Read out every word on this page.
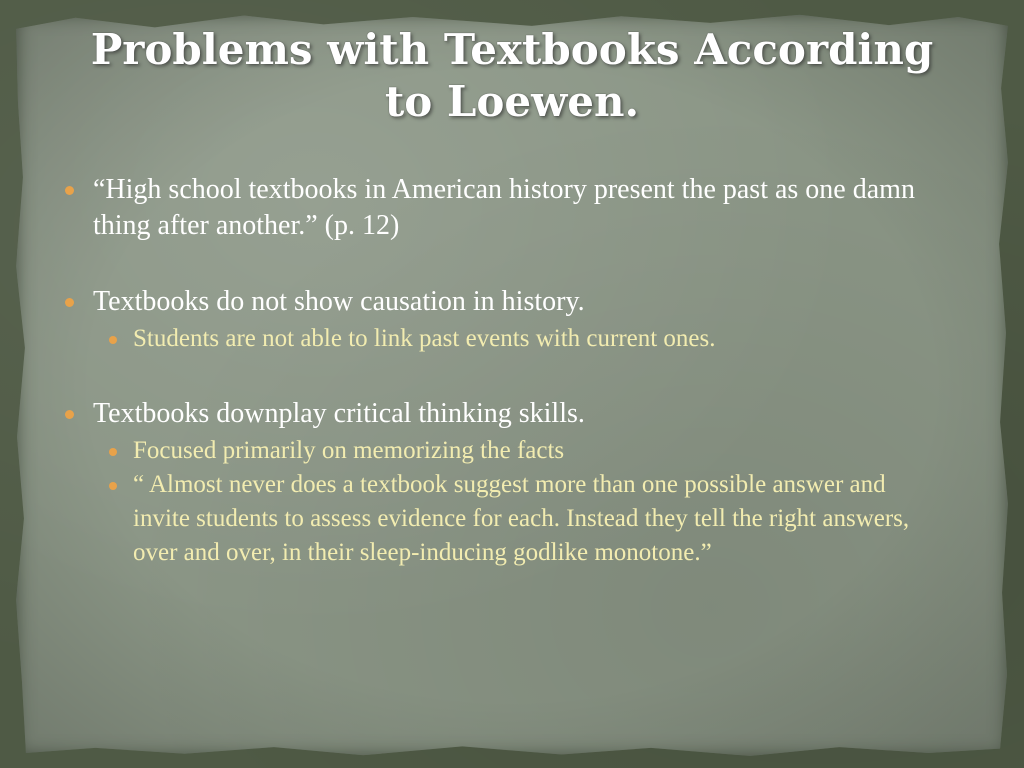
Problems with Textbooks According to Loewen.
“High school textbooks in American history present the past as one damn thing after another.” (p. 12)
Textbooks do not show causation in history.
Students are not able to link past events with current ones.
Textbooks downplay critical thinking skills.
Focused primarily on memorizing the facts
“ Almost never does a textbook suggest more than one possible answer and invite students to assess evidence for each. Instead they tell the right answers, over and over, in their sleep-inducing godlike monotone.”
